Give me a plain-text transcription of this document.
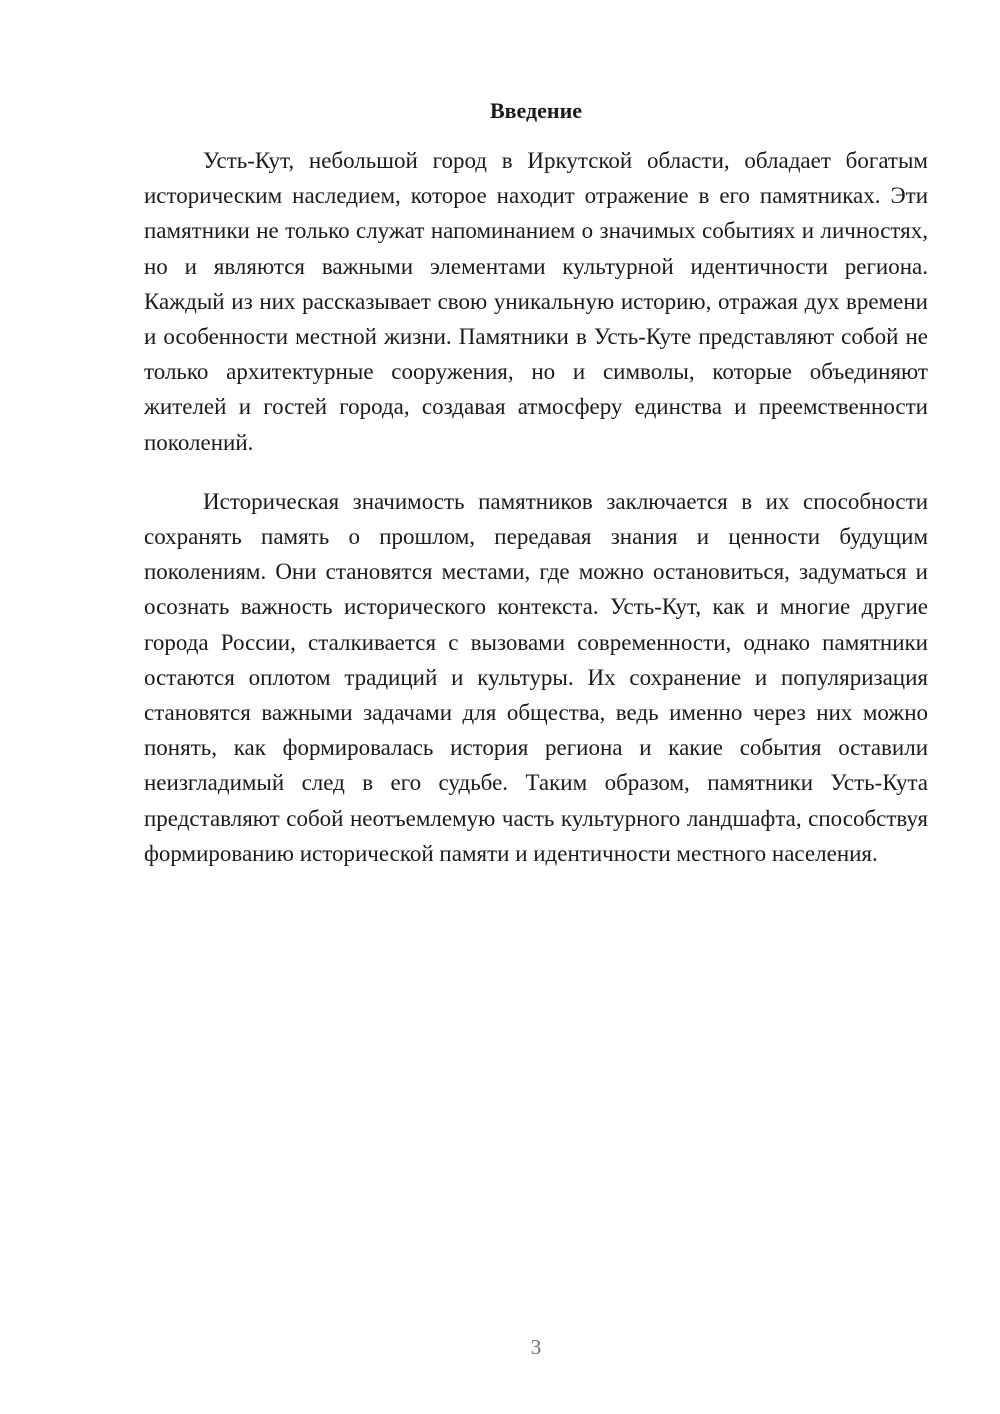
Введение

Усть-Кут, небольшой город в Иркутской области, обладает богатым историческим наследием, которое находит отражение в его памятниках. Эти памятники не только служат напоминанием о значимых событиях и личностях, но и являются важными элементами культурной идентичности региона. Каждый из них рассказывает свою уникальную историю, отражая дух времени и особенности местной жизни. Памятники в Усть-Куте представляют собой не только архитектурные сооружения, но и символы, которые объединяют жителей и гостей города, создавая атмосферу единства и преемственности поколений.

Историческая значимость памятников заключается в их способности сохранять память о прошлом, передавая знания и ценности будущим поколениям. Они становятся местами, где можно остановиться, задуматься и осознать важность исторического контекста. Усть-Кут, как и многие другие города России, сталкивается с вызовами современности, однако памятники остаются оплотом традиций и культуры. Их сохранение и популяризация становятся важными задачами для общества, ведь именно через них можно понять, как формировалась история региона и какие события оставили неизгладимый след в его судьбе. Таким образом, памятники Усть-Кута представляют собой неотъемлемую часть культурного ландшафта, способствуя формированию исторической памяти и идентичности местного населения.

3
